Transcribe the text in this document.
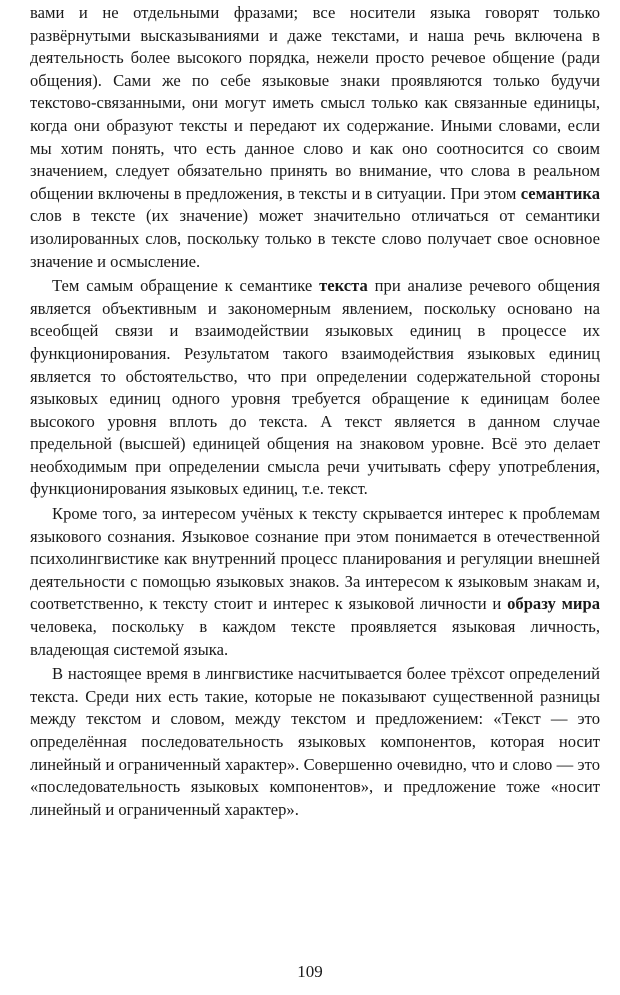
вами и не отдельными фразами; все носители языка говорят только развёрнутыми высказываниями и даже текстами, и наша речь включена в деятельность более высокого порядка, нежели просто речевое общение (ради общения). Сами же по себе языковые знаки проявляются только будучи текстово-связанными, они могут иметь смысл только как связанные единицы, когда они образуют тексты и передают их содержание. Иными словами, если мы хотим понять, что есть данное слово и как оно соотносится со своим значением, следует обязательно принять во внимание, что слова в реальном общении включены в предложения, в тексты и в ситуации. При этом семантика слов в тексте (их значение) может значительно отличаться от семантики изолированных слов, поскольку только в тексте слово получает свое основное значение и осмысление.

Тем самым обращение к семантике текста при анализе речевого общения является объективным и закономерным явлением, поскольку основано на всеобщей связи и взаимодействии языковых единиц в процессе их функционирования. Результатом такого взаимодействия языковых единиц является то обстоятельство, что при определении содержательной стороны языковых единиц одного уровня требуется обращение к единицам более высокого уровня вплоть до текста. А текст является в данном случае предельной (высшей) единицей общения на знаковом уровне. Всё это делает необходимым при определении смысла речи учитывать сферу употребления, функционирования языковых единиц, т.е. текст.

Кроме того, за интересом учёных к тексту скрывается интерес к проблемам языкового сознания. Языковое сознание при этом понимается в отечественной психолингвистике как внутренний процесс планирования и регуляции внешней деятельности с помощью языковых знаков. За интересом к языковым знакам и, соответственно, к тексту стоит и интерес к языковой личности и образу мира человека, поскольку в каждом тексте проявляется языковая личность, владеющая системой языка.

В настоящее время в лингвистике насчитывается более трёхсот определений текста. Среди них есть такие, которые не показывают существенной разницы между текстом и словом, между текстом и предложением: «Текст — это определённая последовательность языковых компонентов, которая носит линейный и ограниченный характер». Совершенно очевидно, что и слово — это «последовательность языковых компонентов», и предложение тоже «носит линейный и ограниченный характер».

109
